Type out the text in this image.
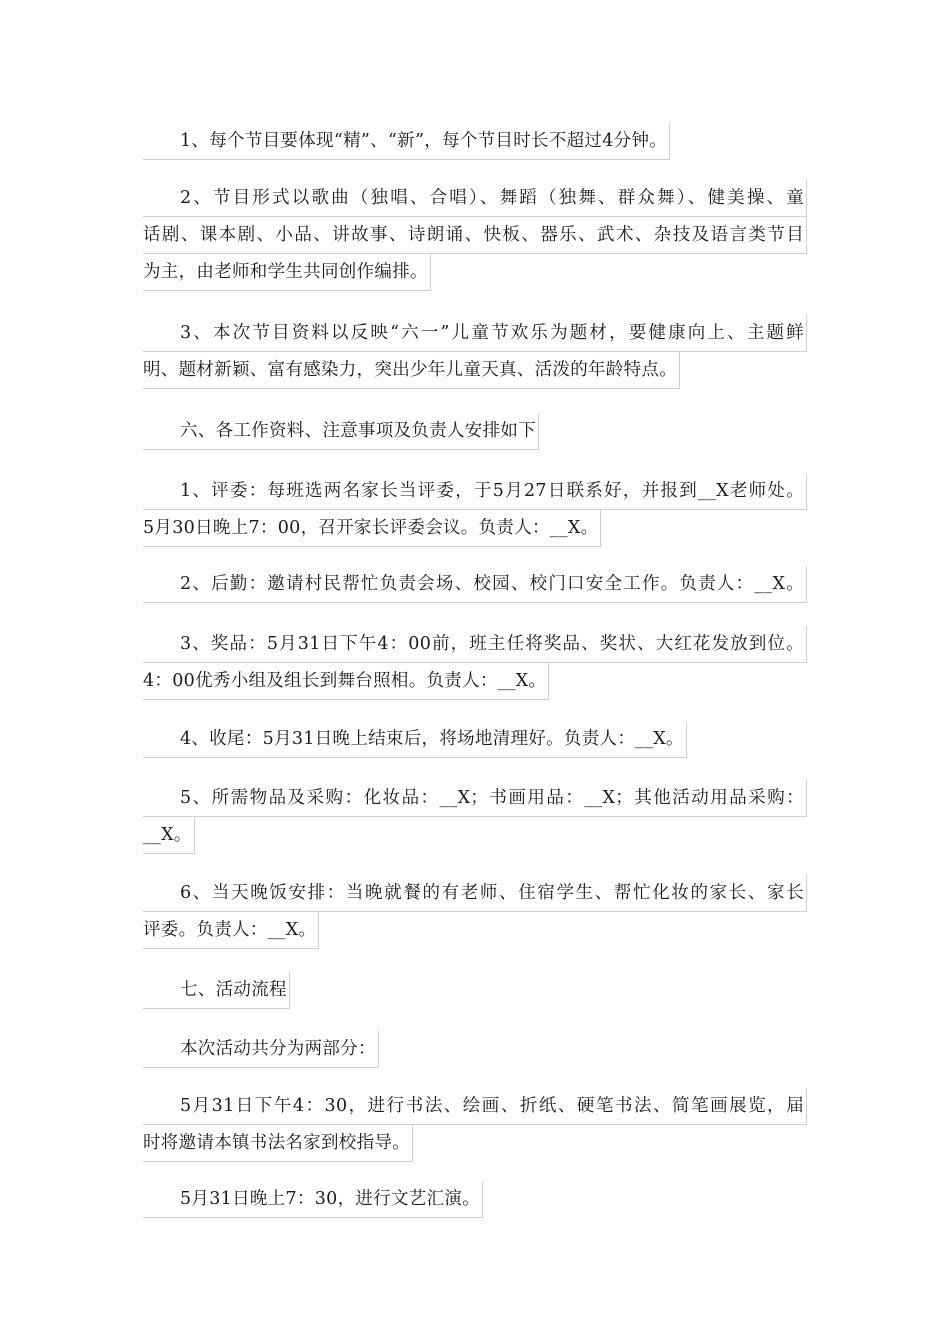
1、每个节目要体现“精”、“新”，每个节目时长不超过4分钟。
2、节目形式以歌曲（独唱、合唱）、舞蹈（独舞、群众舞）、健美操、童
话剧、课本剧、小品、讲故事、诗朗诵、快板、器乐、武术、杂技及语言类节目
为主，由老师和学生共同创作编排。
3、本次节目资料以反映“六一”儿童节欢乐为题材，要健康向上、主题鲜
明、题材新颖、富有感染力，突出少年儿童天真、活泼的年龄特点。
六、各工作资料、注意事项及负责人安排如下
1、评委：每班选两名家长当评委，于5月27日联系好，并报到__X老师处。
5月30日晚上7：00，召开家长评委会议。负责人：__X。
2、后勤：邀请村民帮忙负责会场、校园、校门口安全工作。负责人：__X。
3、奖品：5月31日下午4：00前，班主任将奖品、奖状、大红花发放到位。
4：00优秀小组及组长到舞台照相。负责人：__X。
4、收尾：5月31日晚上结束后，将场地清理好。负责人：__X。
5、所需物品及采购：化妆品：__X；书画用品：__X；其他活动用品采购：
__X。
6、当天晚饭安排：当晚就餐的有老师、住宿学生、帮忙化妆的家长、家长
评委。负责人：__X。
七、活动流程
本次活动共分为两部分：
5月31日下午4：30，进行书法、绘画、折纸、硬笔书法、简笔画展览，届
时将邀请本镇书法名家到校指导。
5月31日晚上7：30，进行文艺汇演。
